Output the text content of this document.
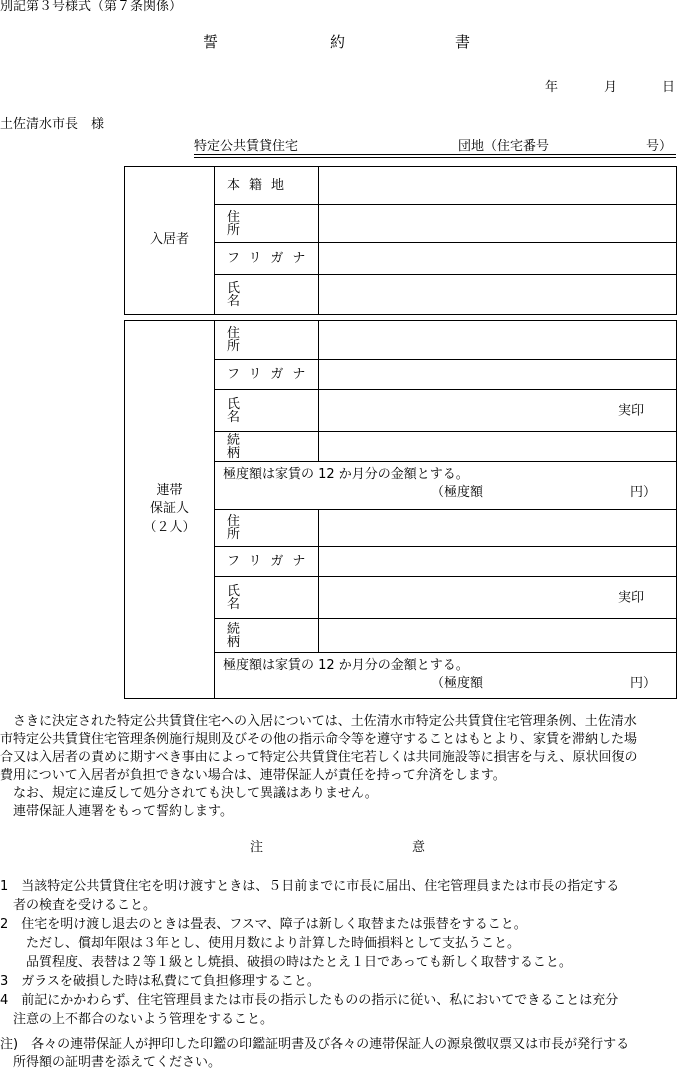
別記第３号様式（第７条関係）
誓	約	書
年	月	日
土佐清水市長　様
特定公共賃貸住宅	団地（住宅番号	号）
入居者	本籍地	
	住所	
	フリガナ	
	氏名	
連帯
保証人
（２人）	住所	
	フリガナ	
	氏名	実印

	続柄	

	極度額は家賃の 12 か月分の金額とする。
（極度額 円）	

	住所	
	フリガナ	
	氏名	実印

	続柄	

	極度額は家賃の 12 か月分の金額とする。
（極度額 円）	
　さきに決定された特定公共賃貸住宅への入居については、土佐清水市特定公共賃貸住宅管理条例、土佐清水
市特定公共賃貸住宅管理条例施行規則及びその他の指示命令等を遵守することはもとより、家賃を滞納した場
合又は入居者の責めに期すべき事由によって特定公共賃貸住宅若しくは共同施設等に損害を与え、原状回復の
費用について入居者が負担できない場合は、連帯保証人が責任を持って弁済をします。
　なお、規定に違反して処分されても決して異議はありません。
　連帯保証人連署をもって誓約します。
注	意
1　当該特定公共賃貸住宅を明け渡すときは、５日前までに市長に届出、住宅管理員または市長の指定する
　者の検査を受けること。
2　住宅を明け渡し退去のときは畳表、フスマ、障子は新しく取替または張替をすること。
　　ただし、償却年限は３年とし、使用月数により計算した時価損料として支払うこと。
　　品質程度、表替は２等１級とし焼損、破損の時はたとえ１日であっても新しく取替すること。
3　ガラスを破損した時は私費にて負担修理すること。
4　前記にかかわらず、住宅管理員または市長の指示したものの指示に従い、私においてできることは充分
　注意の上不都合のないよう管理をすること。
注)　各々の連帯保証人が押印した印鑑の印鑑証明書及び各々の連帯保証人の源泉徴収票又は市長が発行する
　所得額の証明書を添えてください。
